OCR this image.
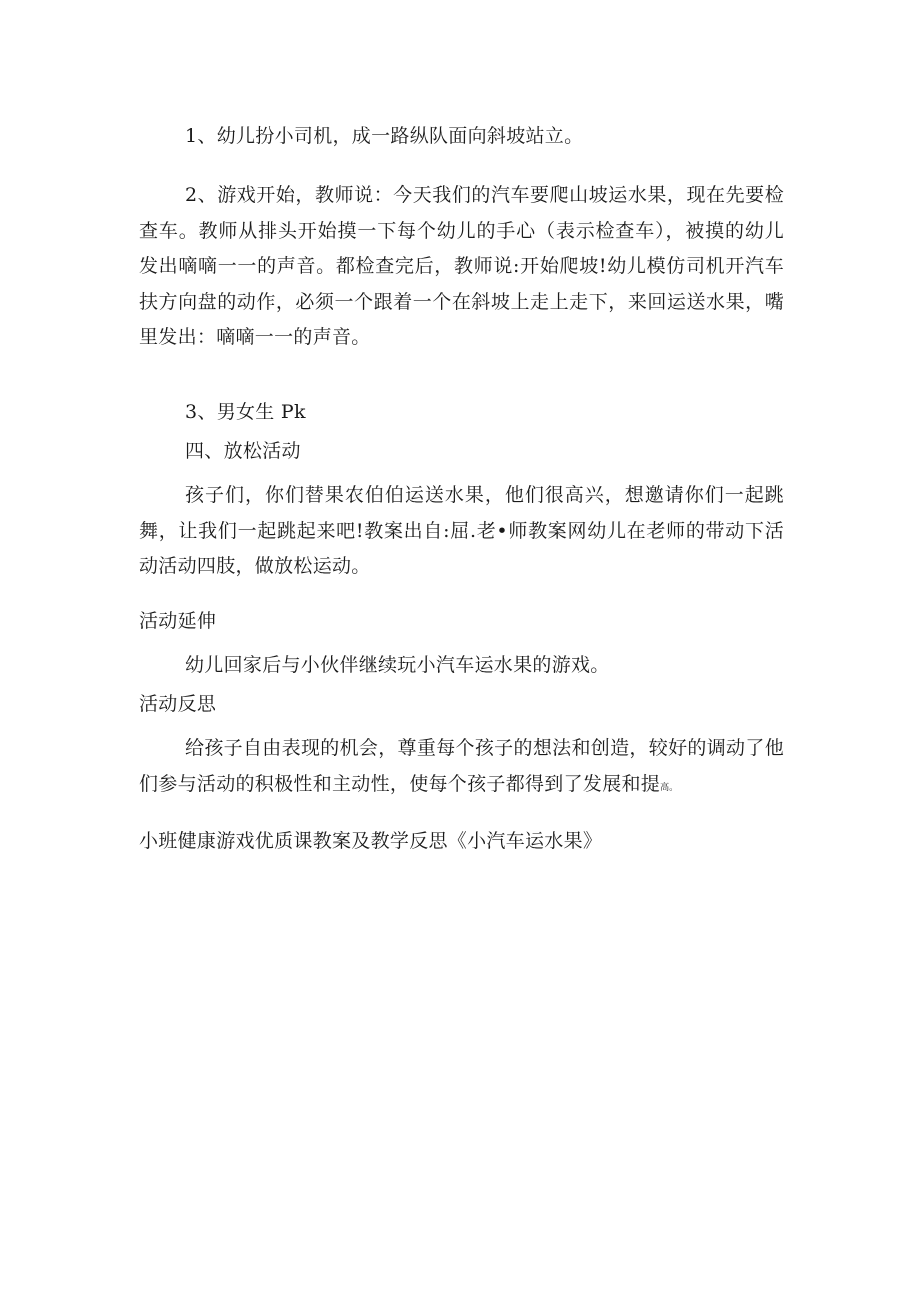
1、幼儿扮小司机，成一路纵队面向斜坡站立。

2、游戏开始，教师说：今天我们的汽车要爬山坡运水果，现在先要检查车。教师从排头开始摸一下每个幼儿的手心（表示检查车），被摸的幼儿发出嘀嘀一一的声音。都检查完后，教师说:开始爬坡!幼儿模仿司机开汽车扶方向盘的动作，必须一个跟着一个在斜坡上走上走下，来回运送水果，嘴里发出：嘀嘀一一的声音。

3、男女生 Pk
四、放松活动

孩子们，你们替果农伯伯运送水果，他们很高兴，想邀请你们一起跳舞，让我们一起跳起来吧!教案出自:屈.老•师教案网幼儿在老师的带动下活动活动四肢，做放松运动。

活动延伸
幼儿回家后与小伙伴继续玩小汽车运水果的游戏。
活动反思

给孩子自由表现的机会，尊重每个孩子的想法和创造，较好的调动了他们参与活动的积极性和主动性，使每个孩子都得到了发展和提高。

小班健康游戏优质课教案及教学反思《小汽车运水果》
